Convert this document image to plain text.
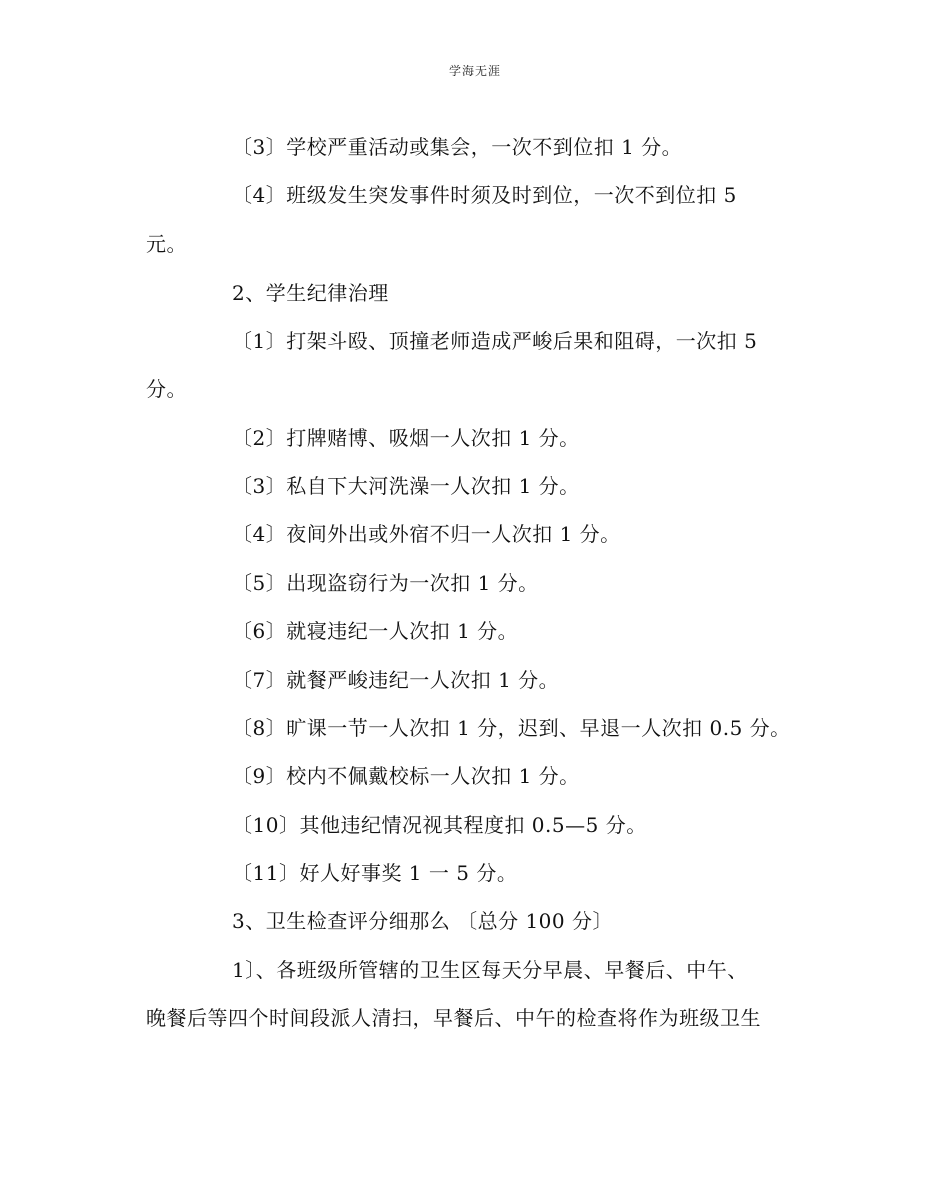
学海无涯
〔3〕学校严重活动或集会，一次不到位扣 1 分。
〔4〕班级发生突发事件时须及时到位，一次不到位扣 5
元。
2、学生纪律治理
〔1〕打架斗殴、顶撞老师造成严峻后果和阻碍，一次扣 5
分。
〔2〕打牌赌博、吸烟一人次扣 1 分。
〔3〕私自下大河洗澡一人次扣 1 分。
〔4〕夜间外出或外宿不归一人次扣 1 分。
〔5〕出现盗窃行为一次扣 1 分。
〔6〕就寝违纪一人次扣 1 分。
〔7〕就餐严峻违纪一人次扣 1 分。
〔8〕旷课一节一人次扣 1 分，迟到、早退一人次扣 0.5 分。
〔9〕校内不佩戴校标一人次扣 1 分。
〔10〕其他违纪情况视其程度扣 0.5—5 分。
〔11〕好人好事奖 1 一 5 分。
3、卫生检查评分细那么 〔总分 100 分〕
1〕、各班级所管辖的卫生区每天分早晨、早餐后、中午、
晚餐后等四个时间段派人清扫，早餐后、中午的检查将作为班级卫生
